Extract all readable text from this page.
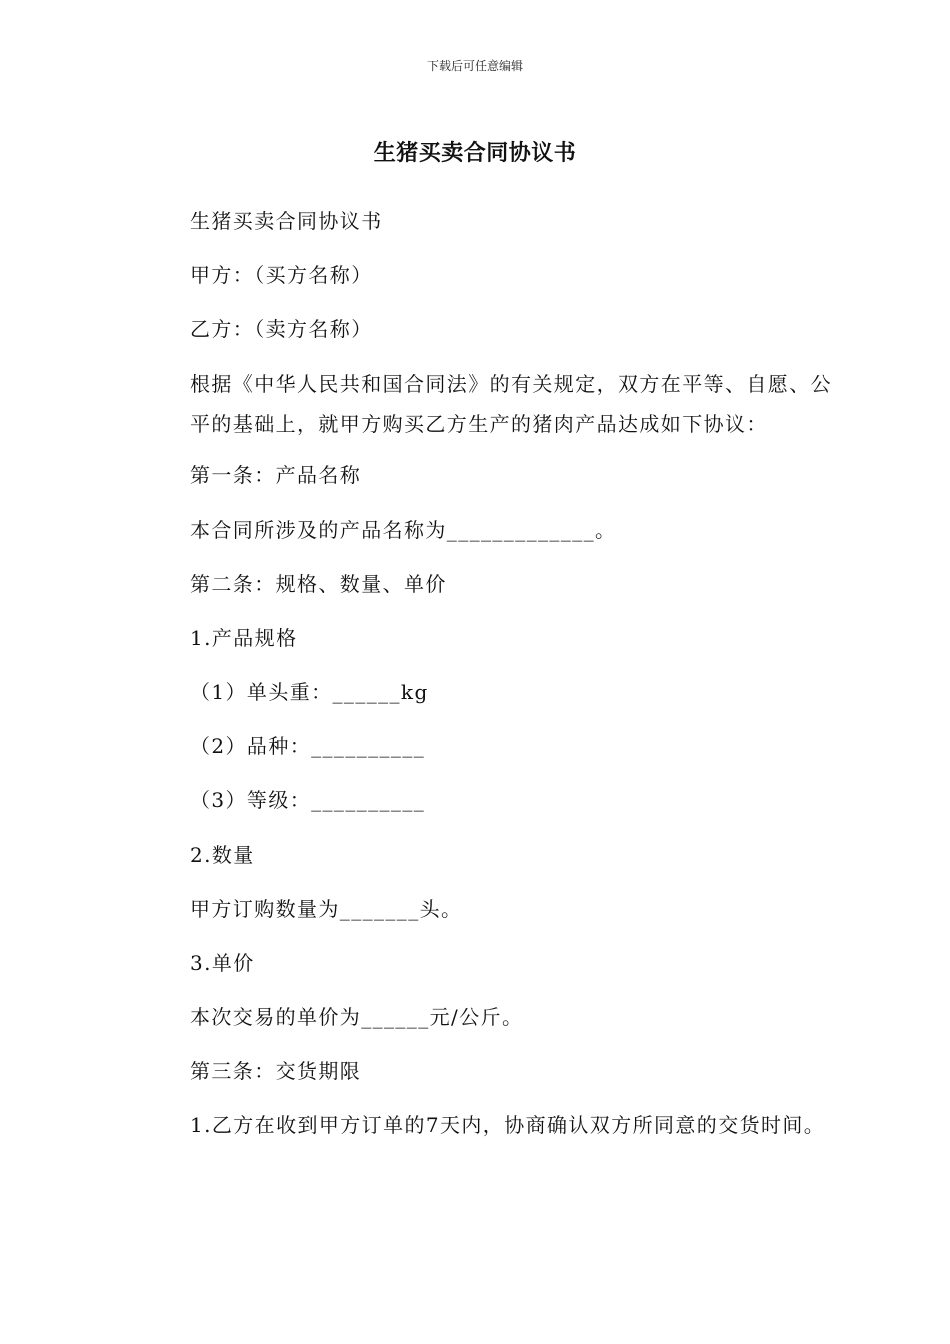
下载后可任意编辑
生猪买卖合同协议书
生猪买卖合同协议书
甲方：（买方名称）
乙方：（卖方名称）
根据《中华人民共和国合同法》的有关规定，双方在平等、自愿、公平的基础上，就甲方购买乙方生产的猪肉产品达成如下协议：
第一条：产品名称
本合同所涉及的产品名称为_____________。
第二条：规格、数量、单价
1.产品规格
（1）单头重：______kg
（2）品种：__________
（3）等级：__________
2.数量
甲方订购数量为_______头。
3.单价
本次交易的单价为______元/公斤。
第三条：交货期限
1.乙方在收到甲方订单的7天内，协商确认双方所同意的交货时间。
